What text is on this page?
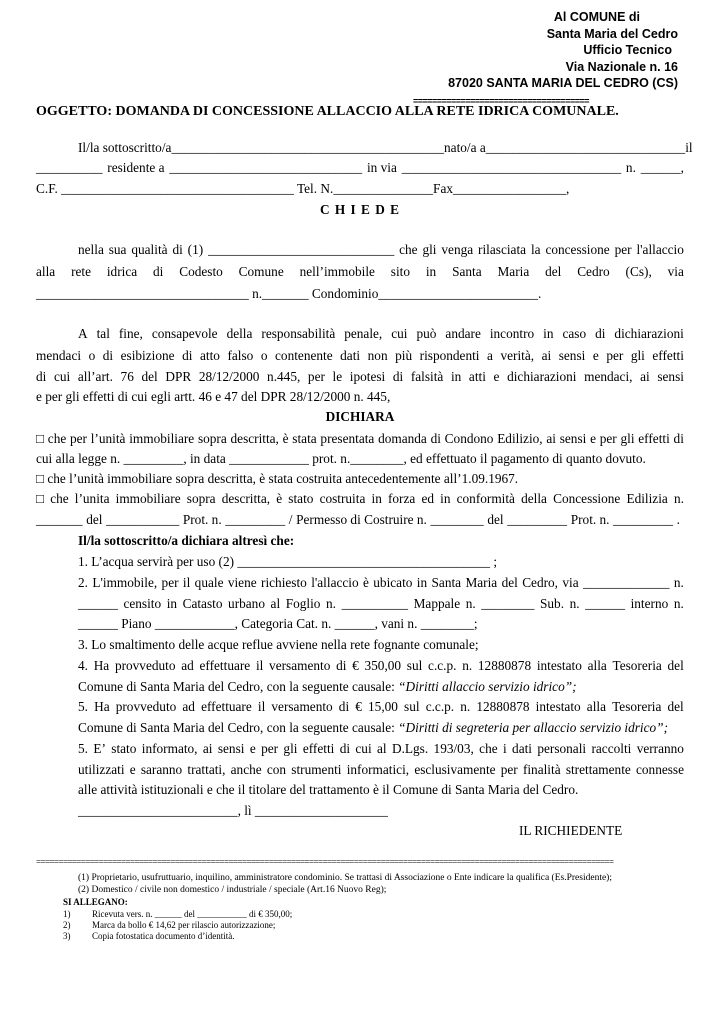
Al COMUNE di
Santa Maria del Cedro
Ufficio Tecnico
Via Nazionale n. 16
87020 SANTA MARIA DEL CEDRO (CS)
=====================================
OGGETTO: DOMANDA DI CONCESSIONE ALLACCIO ALLA RETE IDRICA COMUNALE.
Il/la sottoscritto/a _________________________________________ nato/a a ______________________________ il
__________ residente a _____________________________ in via _________________________________ n. ______,
C.F. ___________________________________ Tel. N._______________Fax_________________,
C H I E D E
nella sua qualità di (1) ____________________________ che gli venga rilasciata la concessione per l'allaccio
alla rete idrica di Codesto Comune nell’immobile sito in Santa Maria del Cedro (Cs), via
________________________________ n._______ Condominio________________________.
A tal fine, consapevole della responsabilità penale, cui può andare incontro in caso di dichiarazioni
mendaci o di esibizione di atto falso o contenente dati non più rispondenti a verità, ai sensi e per gli effetti
di cui all’art. 76 del DPR 28/12/2000 n.445, per le ipotesi di falsità in atti e dichiarazioni mendaci, ai sensi
e per gli effetti di cui egli artt. 46 e 47 del DPR 28/12/2000 n. 445,
DICHIARA
□ che per l’unità immobiliare sopra descritta, è stata presentata domanda di Condono Edilizio, ai sensi e per gli effetti di
cui alla legge n. _________, in data ____________ prot. n.________, ed effettuato il pagamento di quanto dovuto.
□ che l’unità immobiliare sopra descritta, è stata costruita antecedentemente all’1.09.1967.
□ che l’unita immobiliare sopra descritta, è stato costruita in forza ed in conformità della Concessione Edilizia n.
_______ del ___________ Prot. n. _________ / Permesso di Costruire n. ________ del _________ Prot. n. _________ .
Il/la sottoscritto/a dichiara altresì che:
1. L’acqua servirà per uso (2) ______________________________________ ;
2. L'immobile, per il quale viene richiesto l'allaccio è ubicato in Santa Maria del Cedro, via _____________ n.
______ censito in Catasto urbano al Foglio n. __________ Mappale n. ________ Sub. n. ______ interno n.
______ Piano ____________, Categoria Cat. n. ______, vani n. ________;
3. Lo smaltimento delle acque reflue avviene nella rete fognante comunale;
4. Ha provveduto ad effettuare il versamento di € 350,00 sul c.c.p. n. 12880878 intestato alla Tesoreria del
Comune di Santa Maria del Cedro, con la seguente causale: “Diritti allaccio servizio idrico”;
5. Ha provveduto ad effettuare il versamento di € 15,00 sul c.c.p. n. 12880878 intestato alla Tesoreria del
Comune di Santa Maria del Cedro, con la seguente causale: “Diritti di segreteria per allaccio servizio idrico”;
5. E’ stato informato, ai sensi e per gli effetti di cui al D.Lgs. 193/03, che i dati personali raccolti verranno
utilizzati e saranno trattati, anche con strumenti informatici, esclusivamente per finalità strettamente connesse
alle attività istituzionali e che il titolare del trattamento è il Comune di Santa Maria del Cedro.
________________________, lì ____________________
IL RICHIEDENTE
=================================================================================================================================
(1) Proprietario, usufruttuario, inquilino, amministratore condominio. Se trattasi di Associazione o Ente indicare la qualifica (Es.Presidente);
(2) Domestico / civile non domestico / industriale / speciale (Art.16 Nuovo Reg);
SI ALLEGANO:
1) Ricevuta vers. n. ______ del ___________ di € 350,00;
2) Marca da bollo € 14,62 per rilascio autorizzazione;
3) Copia fotostatica documento d’identità.
